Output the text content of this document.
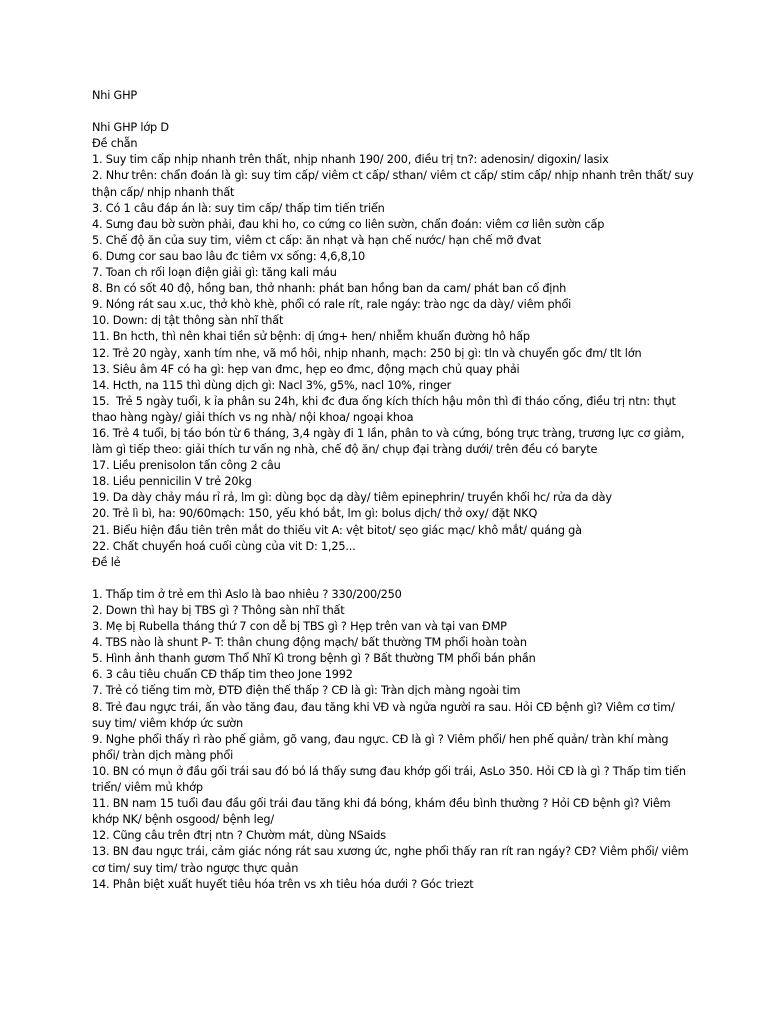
Nhi GHP
Nhi GHP lớp D
Đề chẵn
1. Suy tim cấp nhịp nhanh trên thất, nhịp nhanh 190/ 200, điều trị tn?: adenosin/ digoxin/ lasix
2. Như trên: chẩn đoán là gì: suy tim cấp/ viêm ct cấp/ sthan/ viêm ct cấp/ stim cấp/ nhịp nhanh trên thất/ suy thận cấp/ nhịp nhanh thất
3. Có 1 câu đáp án là: suy tim cấp/ thấp tim tiến triển
4. Sưng đau bờ sườn phải, đau khi ho, co cứng co liên sườn, chẩn đoán: viêm cơ liên sườn cấp
5. Chế độ ăn của suy tim, viêm ct cấp: ăn nhạt và hạn chế nước/ hạn chế mỡ đvat
6. Dưng cor sau bao lâu đc tiêm vx sống: 4,6,8,10
7. Toan ch rối loạn điện giải gì: tăng kali máu
8. Bn có sốt 40 độ, hồng ban, thở nhanh: phát ban hồng ban da cam/ phát ban cố định
9. Nóng rát sau x.uc, thở khò khè, phổi có rale rít, rale ngáy: trào ngc da dày/ viêm phổi
10. Down: dị tật thông sàn nhĩ thất
11. Bn hcth, thì nên khai tiền sử bệnh: dị ứng+ hen/ nhiễm khuẩn đường hô hấp
12. Trẻ 20 ngày, xanh tím nhe, vã mồ hôi, nhịp nhanh, mạch: 250 bị gì: tln và chuyển gốc đm/ tlt lớn
13. Siêu âm 4F có ha gì: hẹp van đmc, hẹp eo đmc, động mạch chủ quay phải
14. Hcth, na 115 thì dùng dịch gì: Nacl 3%, g5%, nacl 10%, ringer
15.  Trẻ 5 ngày tuổi, k ỉa phân su 24h, khi đc đưa ống kích thích hậu môn thì đi tháo cống, điều trị ntn: thụt thao hàng ngày/ giải thích vs ng nhà/ nội khoa/ ngoại khoa
16. Trẻ 4 tuổi, bị táo bón từ 6 tháng, 3,4 ngày đi 1 lần, phân to và cứng, bóng trực tràng, trương lực cơ giảm, làm gì tiếp theo: giải thích tư vấn ng nhà, chế độ ăn/ chụp đại tràng dưới/ trên đều có baryte
17. Liều prenisolon tấn công 2 câu
18. Liều pennicilin V trẻ 20kg
19. Da dày chảy máu rỉ rả, lm gì: dùng bọc dạ dày/ tiêm epinephrin/ truyền khối hc/ rửa da dày
20. Trẻ lì bì, ha: 90/60mạch: 150, yếu khó bắt, lm gì: bolus dịch/ thở oxy/ đặt NKQ
21. Biểu hiện đầu tiên trên mắt do thiếu vit A: vệt bitot/ sẹo giác mạc/ khô mắt/ quáng gà
22. Chất chuyển hoá cuối cùng của vit D: 1,25...
Đề lẻ
1. Thấp tim ở trẻ em thì Aslo là bao nhiêu ? 330/200/250
2. Down thì hay bị TBS gì ? Thông sàn nhĩ thất
3. Mẹ bị Rubella tháng thứ 7 con dễ bị TBS gì ? Hẹp trên van và tại van ĐMP
4. TBS nào là shunt P- T: thân chung động mạch/ bất thường TM phổi hoàn toàn
5. Hình ảnh thanh gươm Thổ Nhĩ Kì trong bệnh gì ? Bất thường TM phổi bán phần
6. 3 câu tiêu chuẩn CĐ thấp tim theo Jone 1992
7. Trẻ có tiếng tim mờ, ĐTĐ điện thế thấp ? CĐ là gì: Tràn dịch màng ngoài tim
8. Trẻ đau ngực trái, ấn vào tăng đau, đau tăng khi VĐ và ngửa người ra sau. Hỏi CĐ bệnh gì? Viêm cơ tim/ suy tim/ viêm khớp ức sườn
9. Nghe phổi thấy rì rào phế giảm, gõ vang, đau ngực. CĐ là gì ? Viêm phổi/ hen phế quản/ tràn khí màng phổi/ tràn dịch màng phổi
10. BN có mụn ở đầu gối trái sau đó bó lá thấy sưng đau khớp gối trái, AsLo 350. Hỏi CĐ là gì ? Thấp tim tiến triển/ viêm mủ khớp
11. BN nam 15 tuổi đau đầu gối trái đau tăng khi đá bóng, khám đều bình thường ? Hỏi CĐ bệnh gì? Viêm khớp NK/ bệnh osgood/ bệnh leg/
12. Cũng câu trên đtrị ntn ? Chườm mát, dùng NSaids
13. BN đau ngực trái, cảm giác nóng rát sau xương ức, nghe phổi thấy ran rít ran ngáy? CĐ? Viêm phổi/ viêm cơ tim/ suy tim/ trào ngược thực quản
14. Phân biệt xuất huyết tiêu hóa trên vs xh tiêu hóa dưới ? Góc triezt
